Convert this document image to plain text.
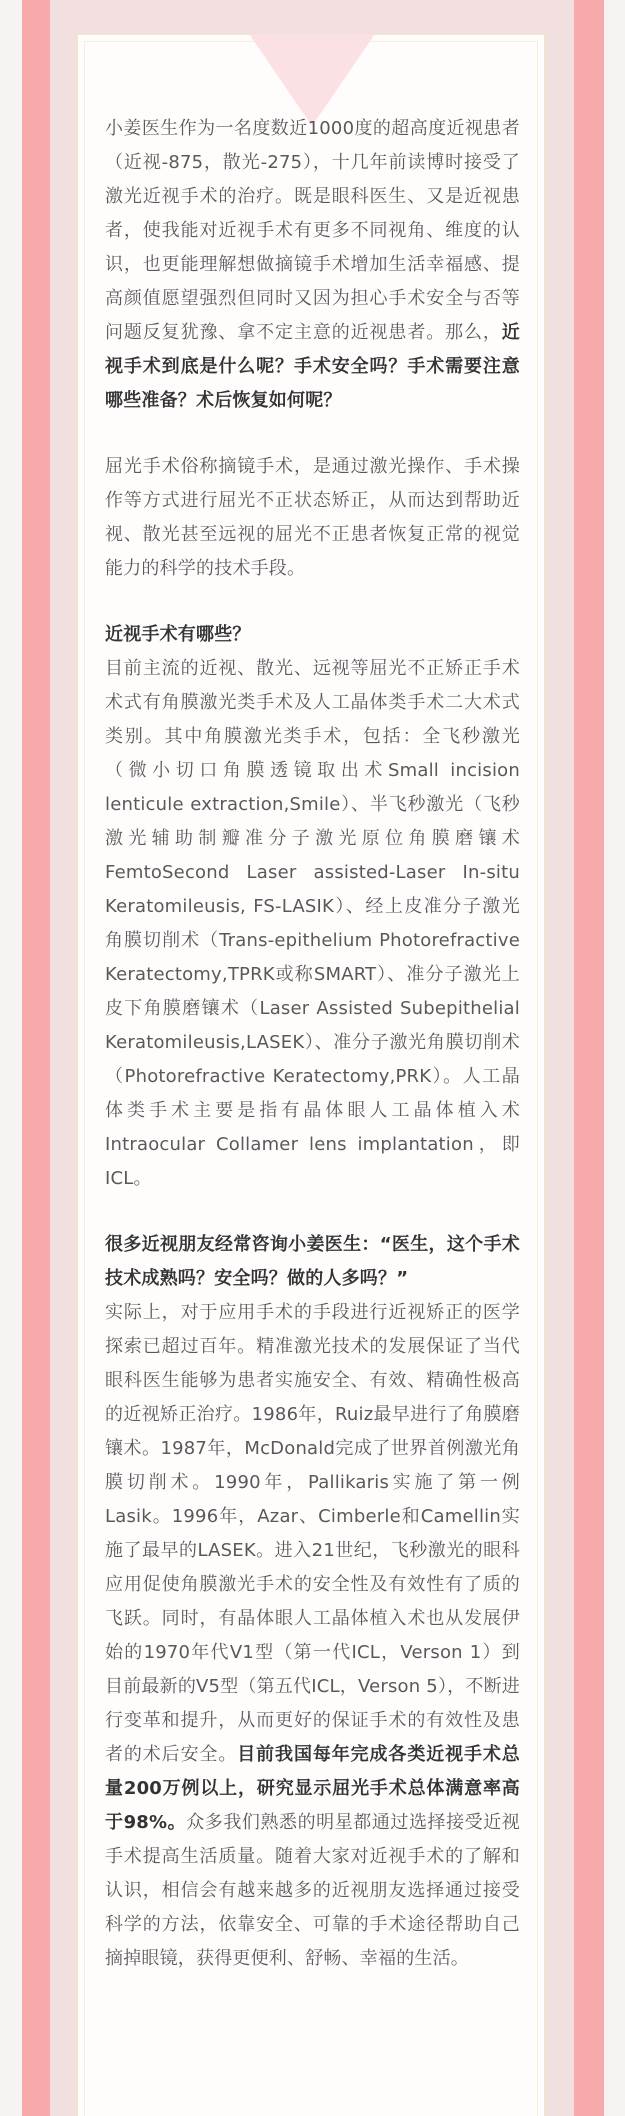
小姜医生作为一名度数近1000度的超高度近视患者（近视-875，散光-275），十几年前读博时接受了激光近视手术的治疗。既是眼科医生、又是近视患者，使我能对近视手术有更多不同视角、维度的认识，也更能理解想做摘镜手术增加生活幸福感、提高颜值愿望强烈但同时又因为担心手术安全与否等问题反复犹豫、拿不定主意的近视患者。那么，近视手术到底是什么呢？手术安全吗？手术需要注意哪些准备？术后恢复如何呢？

屈光手术俗称摘镜手术，是通过激光操作、手术操作等方式进行屈光不正状态矫正，从而达到帮助近视、散光甚至远视的屈光不正患者恢复正常的视觉能力的科学的技术手段。

近视手术有哪些？
目前主流的近视、散光、远视等屈光不正矫正手术术式有角膜激光类手术及人工晶体类手术二大术式类别。其中角膜激光类手术，包括：全飞秒激光（微小切口角膜透镜取出术Small incision lenticule extraction,Smile）、半飞秒激光（飞秒激光辅助制瓣准分子激光原位角膜磨镶术FemtoSecond Laser assisted-Laser In-situ Keratomileusis, FS-LASIK）、经上皮准分子激光角膜切削术（Trans-epithelium Photorefractive Keratectomy,TPRK或称SMART）、准分子激光上皮下角膜磨镶术（Laser Assisted Subepithelial Keratomileusis,LASEK）、准分子激光角膜切削术（Photorefractive Keratectomy,PRK）。人工晶体类手术主要是指有晶体眼人工晶体植入术Intraocular Collamer lens implantation，即ICL。

很多近视朋友经常咨询小姜医生：“医生，这个手术技术成熟吗？安全吗？做的人多吗？”
实际上，对于应用手术的手段进行近视矫正的医学探索已超过百年。精准激光技术的发展保证了当代眼科医生能够为患者实施安全、有效、精确性极高的近视矫正治疗。1986年，Ruiz最早进行了角膜磨镶术。1987年，McDonald完成了世界首例激光角膜切削术。1990年，Pallikaris实施了第一例Lasik。1996年，Azar、Cimberle和Camellin实施了最早的LASEK。进入21世纪，飞秒激光的眼科应用促使角膜激光手术的安全性及有效性有了质的飞跃。同时，有晶体眼人工晶体植入术也从发展伊始的1970年代V1型（第一代ICL，Verson 1）到目前最新的V5型（第五代ICL，Verson 5），不断进行变革和提升，从而更好的保证手术的有效性及患者的术后安全。目前我国每年完成各类近视手术总量200万例以上，研究显示屈光手术总体满意率高于98%。众多我们熟悉的明星都通过选择接受近视手术提高生活质量。随着大家对近视手术的了解和认识，相信会有越来越多的近视朋友选择通过接受科学的方法，依靠安全、可靠的手术途径帮助自己摘掉眼镜，获得更便利、舒畅、幸福的生活。
